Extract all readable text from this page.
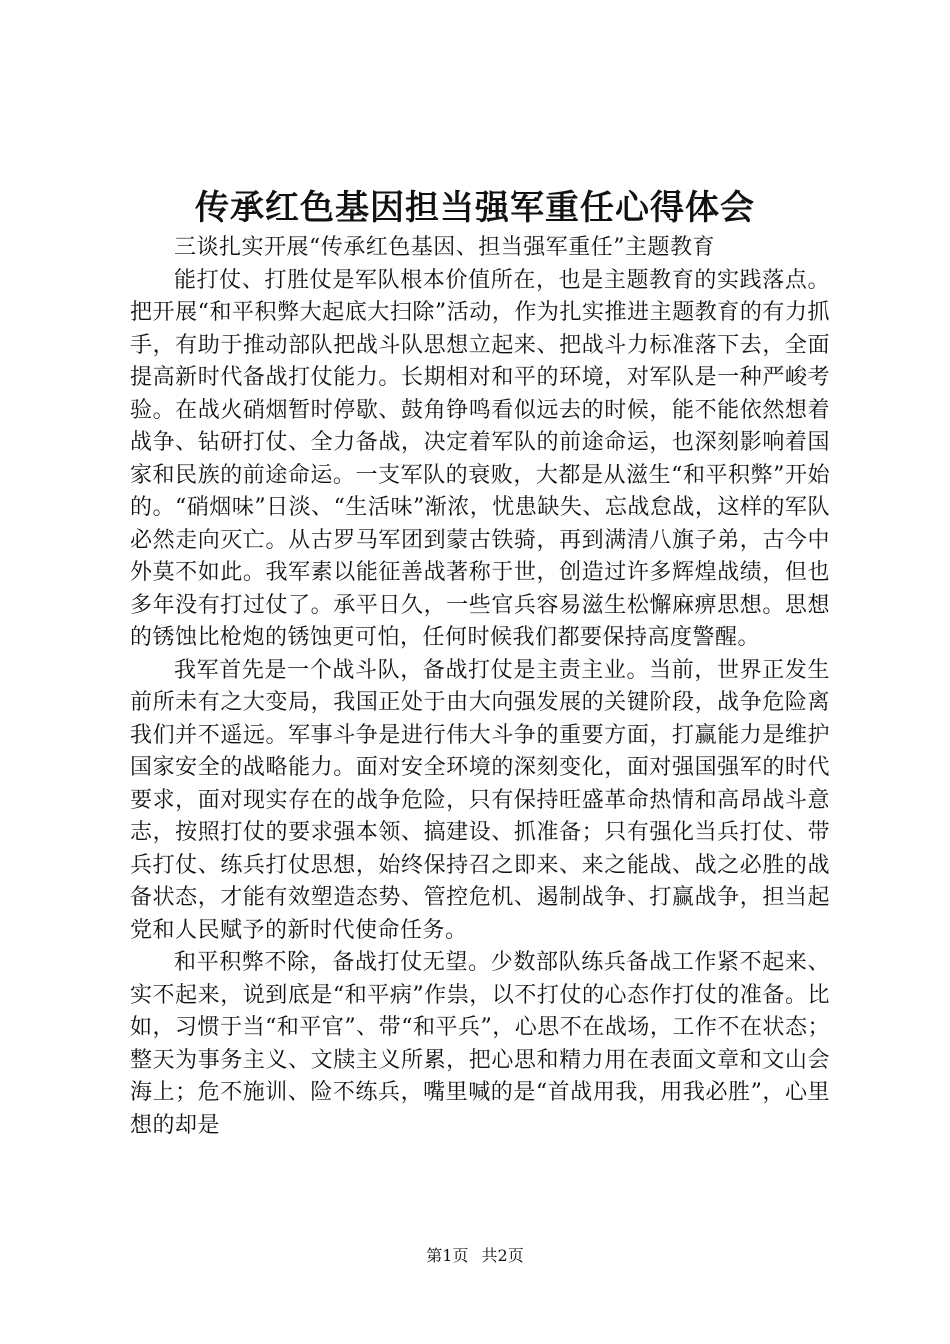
传承红色基因担当强军重任心得体会
三谈扎实开展“传承红色基因、担当强军重任”主题教育

能打仗、打胜仗是军队根本价值所在，也是主题教育的实践落点。把开展“和平积弊大起底大扫除”活动，作为扎实推进主题教育的有力抓手，有助于推动部队把战斗队思想立起来、把战斗力标准落下去，全面提高新时代备战打仗能力。长期相对和平的环境，对军队是一种严峻考验。在战火硝烟暂时停歇、鼓角铮鸣看似远去的时候，能不能依然想着战争、钻研打仗、全力备战，决定着军队的前途命运，也深刻影响着国家和民族的前途命运。一支军队的衰败，大都是从滋生“和平积弊”开始的。“硝烟味”日淡、“生活味”渐浓，忧患缺失、忘战怠战，这样的军队必然走向灭亡。从古罗马军团到蒙古铁骑，再到满清八旗子弟，古今中外莫不如此。我军素以能征善战著称于世，创造过许多辉煌战绩，但也多年没有打过仗了。承平日久，一些官兵容易滋生松懈麻痹思想。思想的锈蚀比枪炮的锈蚀更可怕，任何时候我们都要保持高度警醒。

我军首先是一个战斗队，备战打仗是主责主业。当前，世界正发生前所未有之大变局，我国正处于由大向强发展的关键阶段，战争危险离我们并不遥远。军事斗争是进行伟大斗争的重要方面，打赢能力是维护国家安全的战略能力。面对安全环境的深刻变化，面对强国强军的时代要求，面对现实存在的战争危险，只有保持旺盛革命热情和高昂战斗意志，按照打仗的要求强本领、搞建设、抓准备；只有强化当兵打仗、带兵打仗、练兵打仗思想，始终保持召之即来、来之能战、战之必胜的战备状态，才能有效塑造态势、管控危机、遏制战争、打赢战争，担当起党和人民赋予的新时代使命任务。

和平积弊不除，备战打仗无望。少数部队练兵备战工作紧不起来、实不起来，说到底是“和平病”作祟，以不打仗的心态作打仗的准备。比如，习惯于当“和平官”、带“和平兵”，心思不在战场，工作不在状态；整天为事务主义、文牍主义所累，把心思和精力用在表面文章和文山会海上；危不施训、险不练兵，嘴里喊的是“首战用我，用我必胜”，心里想的却是

第1页 共2页
